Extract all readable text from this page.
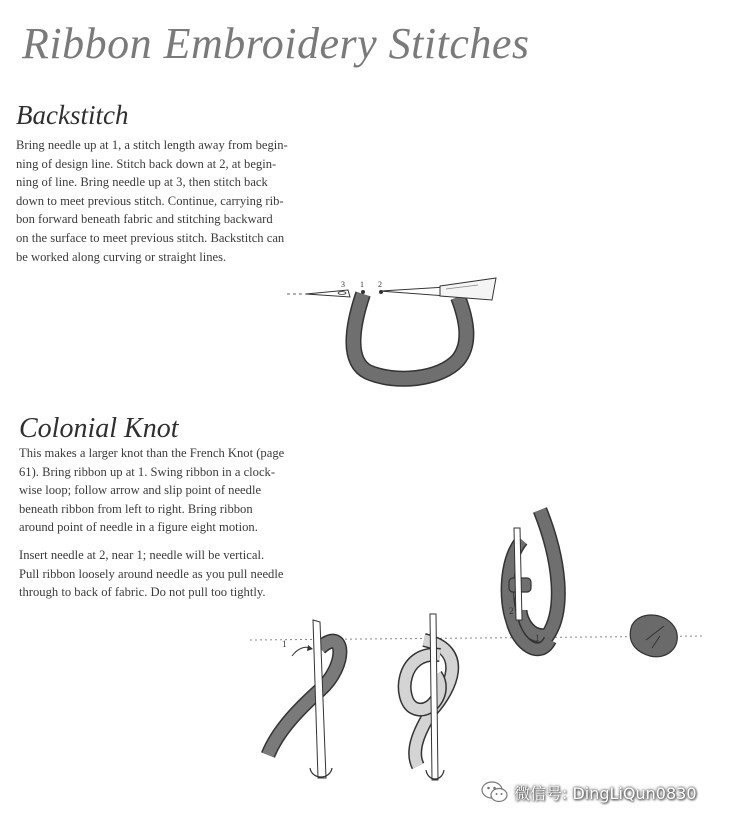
Ribbon Embroidery Stitches
Backstitch

Bring needle up at 1, a stitch length away from begin-
ning of design line. Stitch back down at 2, at begin-
ning of line. Bring needle up at 3, then stitch back
down to meet previous stitch. Continue, carrying rib-
bon forward beneath fabric and stitching backward
on the surface to meet previous stitch. Backstitch can
be worked along curving or straight lines.

Colonial Knot

This makes a larger knot than the French Knot (page
61). Bring ribbon up at 1. Swing ribbon in a clock-
wise loop; follow arrow and slip point of needle
beneath ribbon from left to right. Bring ribbon
around point of needle in a figure eight motion.

Insert needle at 2, near 1; needle will be vertical.
Pull ribbon loosely around needle as you pull needle
through to back of fabric. Do not pull too tightly.

3 1 2
1
2
1
微信号: DingLiQun0830
